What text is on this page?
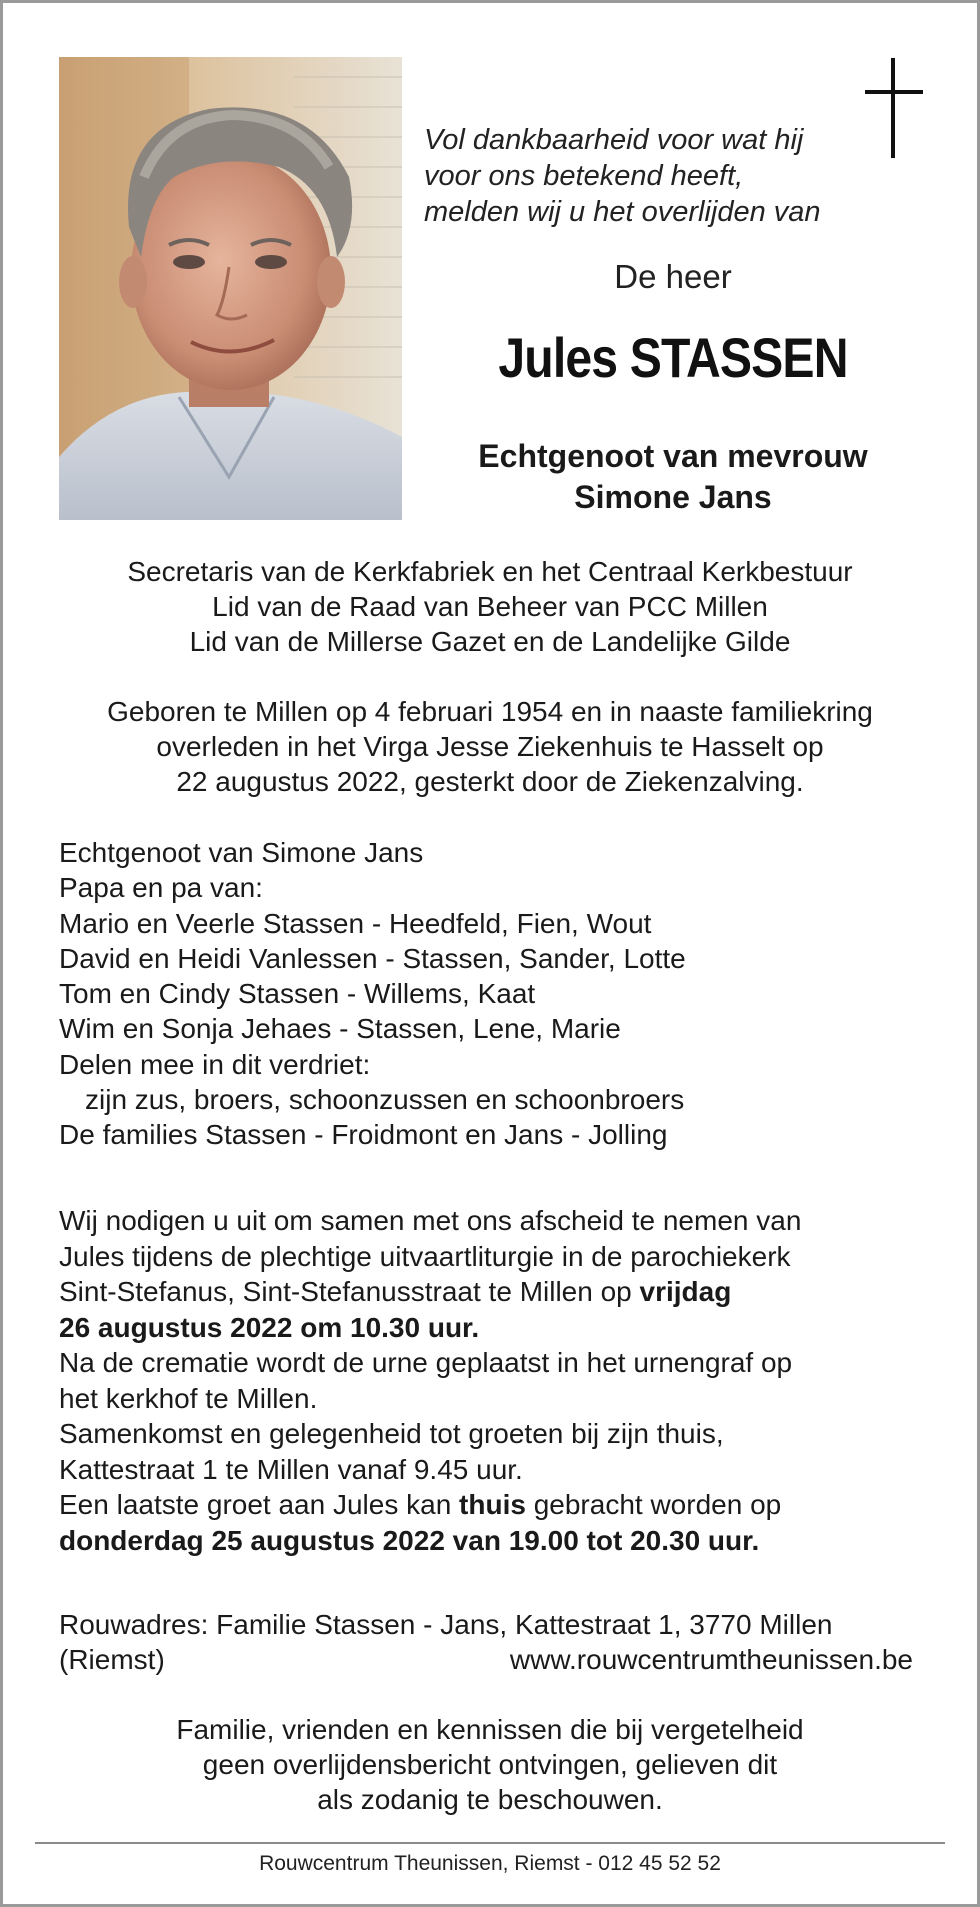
Vol dankbaarheid voor wat hij
voor ons betekend heeft,
melden wij u het overlijden van
De heer
Jules STASSEN
Echtgenoot van mevrouw
Simone Jans
Secretaris van de Kerkfabriek en het Centraal Kerkbestuur
Lid van de Raad van Beheer van PCC Millen
Lid van de Millerse Gazet en de Landelijke Gilde
Geboren te Millen op 4 februari 1954 en in naaste familiekring
overleden in het Virga Jesse Ziekenhuis te Hasselt op
22 augustus 2022, gesterkt door de Ziekenzalving.
Echtgenoot van Simone Jans
Papa en pa van:
Mario en Veerle Stassen - Heedfeld, Fien, Wout
David en Heidi Vanlessen - Stassen, Sander, Lotte
Tom en Cindy Stassen - Willems, Kaat
Wim en Sonja Jehaes - Stassen, Lene, Marie
Delen mee in dit verdriet:
zijn zus, broers, schoonzussen en schoonbroers
De families Stassen - Froidmont en Jans - Jolling
Wij nodigen u uit om samen met ons afscheid te nemen van
Jules tijdens de plechtige uitvaartliturgie in de parochiekerk
Sint-Stefanus, Sint-Stefanusstraat te Millen op vrijdag
26 augustus 2022 om 10.30 uur.
Na de crematie wordt de urne geplaatst in het urnengraf op
het kerkhof te Millen.
Samenkomst en gelegenheid tot groeten bij zijn thuis,
Kattestraat 1 te Millen vanaf 9.45 uur.
Een laatste groet aan Jules kan thuis gebracht worden op
donderdag 25 augustus 2022 van 19.00 tot 20.30 uur.
Rouwadres: Familie Stassen - Jans, Kattestraat 1, 3770 Millen
(Riemst)	www.rouwcentrumtheunissen.be
Familie, vrienden en kennissen die bij vergetelheid
geen overlijdensbericht ontvingen, gelieven dit
als zodanig te beschouwen.
Rouwcentrum Theunissen, Riemst - 012 45 52 52
